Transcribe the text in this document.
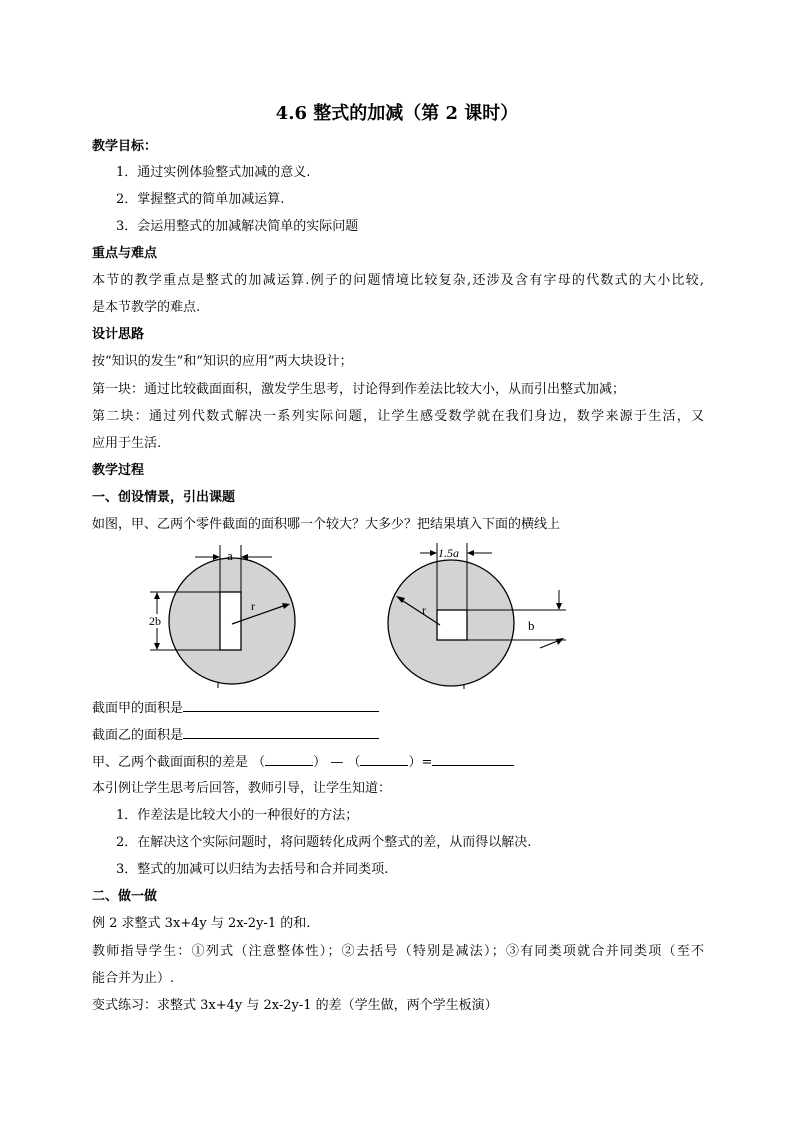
4.6 整式的加减（第 2 课时）
教学目标：
1．通过实例体验整式加减的意义.
2．掌握整式的简单加减运算.
3．会运用整式的加减解决简单的实际问题
重点与难点
本节的教学重点是整式的加减运算.例子的问题情境比较复杂,还涉及含有字母的代数式的大小比较,
是本节教学的难点.
设计思路
按“知识的发生”和“知识的应用”两大块设计；
第一块：通过比较截面面积，激发学生思考，讨论得到作差法比较大小，从而引出整式加减；
第二块：通过列代数式解决一系列实际问题，让学生感受数学就在我们身边，数学来源于生活，又
应用于生活.
教学过程
一、创设情景，引出课题
如图，甲、乙两个零件截面的面积哪一个较大？大多少？把结果填入下面的横线上
a
2b
r
1.5a
b
r
截面甲的面积是
截面乙的面积是
甲、乙两个截面面积的差是 （	） — （	）=
本引例让学生思考后回答，教师引导，让学生知道：
1．作差法是比较大小的一种很好的方法；
2．在解决这个实际问题时，将问题转化成两个整式的差，从而得以解决.
3．整式的加减可以归结为去括号和合并同类项.
二、做一做
例 2 求整式 3x+4y 与 2x-2y-1 的和.
教师指导学生：①列式（注意整体性）；②去括号（特别是减法）；③有同类项就合并同类项（至不
能合并为止）.
变式练习：求整式 3x+4y 与 2x-2y-1 的差（学生做，两个学生板演）
